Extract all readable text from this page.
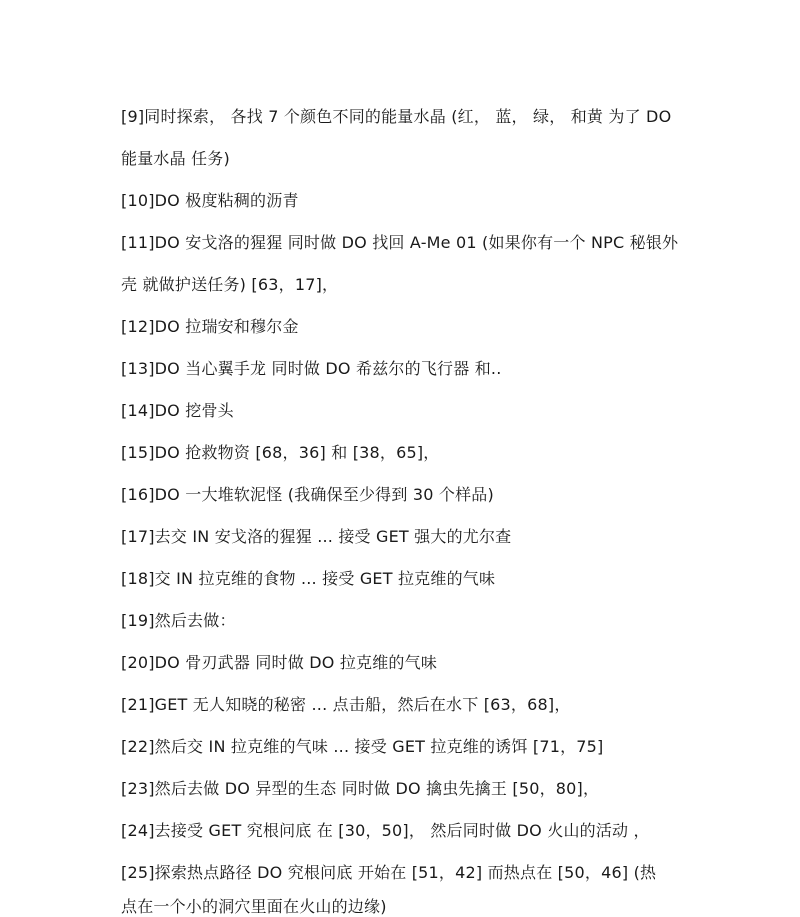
[9]同时探索， 各找 7 个颜色不同的能量水晶 (红， 蓝， 绿， 和黄 为了 DO
能量水晶 任务)
[10]DO 极度粘稠的沥青
[11]DO 安戈洛的猩猩 同时做 DO 找回 A-Me 01 (如果你有一个 NPC 秘银外
壳 就做护送任务) [63，17]，
[12]DO 拉瑞安和穆尔金
[13]DO 当心翼手龙 同时做 DO 希兹尔的飞行器 和..
[14]DO 挖骨头
[15]DO 抢救物资 [68，36] 和 [38，65]，
[16]DO 一大堆软泥怪 (我确保至少得到 30 个样品)
[17]去交 IN 安戈洛的猩猩 ... 接受 GET 强大的尤尔查
[18]交 IN 拉克维的食物 ... 接受 GET 拉克维的气味
[19]然后去做：
[20]DO 骨刃武器 同时做 DO 拉克维的气味
[21]GET 无人知晓的秘密 ... 点击船，然后在水下 [63，68]，
[22]然后交 IN 拉克维的气味 ... 接受 GET 拉克维的诱饵 [71，75]
[23]然后去做 DO 异型的生态 同时做 DO 擒虫先擒王 [50，80]，
[24]去接受 GET 究根问底 在 [30，50]， 然后同时做 DO 火山的活动 ，
[25]探索热点路径 DO 究根问底 开始在 [51，42] 而热点在 [50，46] (热
点在一个小的洞穴里面在火山的边缘)
